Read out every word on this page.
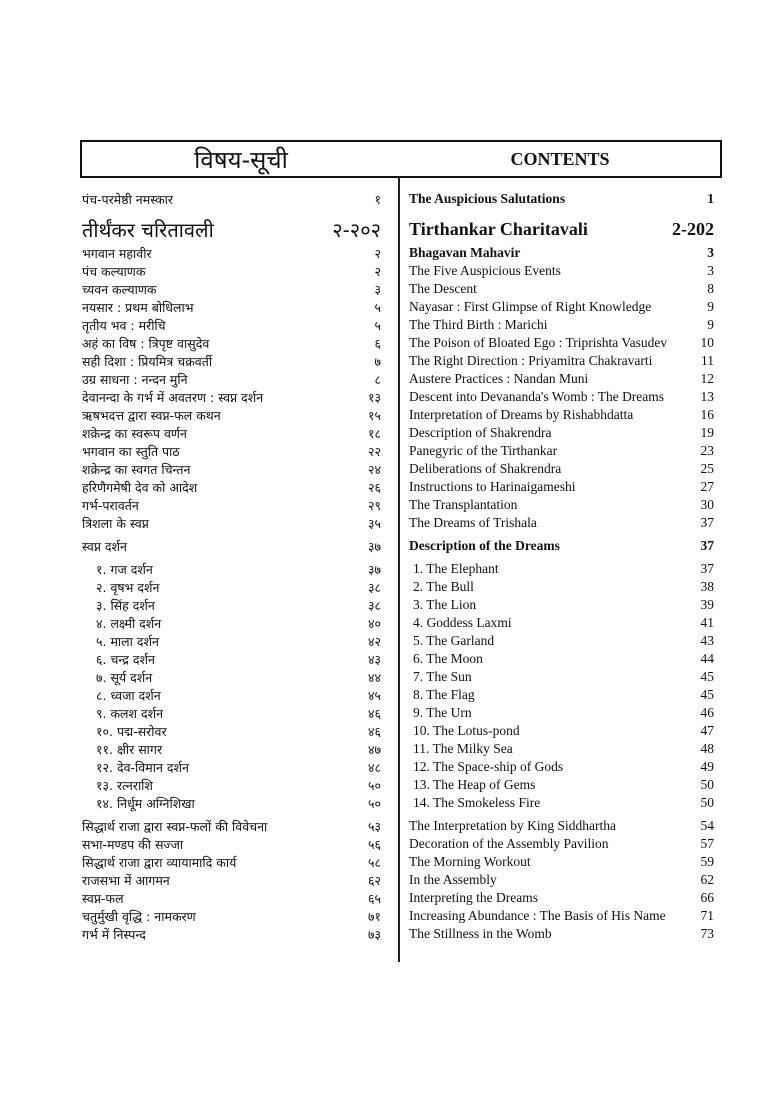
विषय-सूची	CONTENTS
पंच-परमेष्ठी नमस्कार	१ The Auspicious Salutations	1
तीर्थंकर चरितावली	२-२०२ Tirthankar Charitavali	2-202
भगवान महावीर	२ Bhagavan Mahavir	3
पंच कल्याणक	२ The Five Auspicious Events	3
च्यवन कल्याणक	३ The Descent	8
नयसार : प्रथम बोधिलाभ	५ Nayasar : First Glimpse of Right Knowledge	9
तृतीय भव : मरीचि	५ The Third Birth : Marichi	9
अहं का विष : त्रिपृष्ट वासुदेव	६ The Poison of Bloated Ego : Triprishta Vasudev 10
सही दिशा : प्रियमित्र चक्रवर्ती	७ The Right Direction : Priyamitra Chakravarti	11
उग्र साधना : नन्दन मुनि	८ Austere Practices : Nandan Muni	12
देवानन्दा के गर्भ में अवतरण : स्वप्न दर्शन	१३ Descent into Devananda's Womb : The Dreams	13
ऋषभदत्त द्वारा स्वप्न-फल कथन	१५ Interpretation of Dreams by Rishabhdatta	16
शक्रेन्द्र का स्वरूप वर्णन	१८ Description of Shakrendra	19
भगवान का स्तुति पाठ	२२ Panegyric of the Tirthankar	23
शक्रेन्द्र का स्वगत चिन्तन	२४ Deliberations of Shakrendra	25
हरिणैगमेषी देव को आदेश	२६ Instructions to Harinaigameshi	27
गर्भ-परावर्तन	२९ The Transplantation	30
त्रिशला के स्वप्न	३५ The Dreams of Trishala	37
स्वप्न दर्शन	३७ Description of the Dreams	37
१. गज दर्शन	३७ 1. The Elephant	37
२. वृषभ दर्शन	३८ 2. The Bull	38
३. सिंह दर्शन	३८ 3. The Lion	39
४. लक्ष्मी दर्शन	४० 4. Goddess Laxmi	41
५. माला दर्शन	४२ 5. The Garland	43
६. चन्द्र दर्शन	४३ 6. The Moon	44
७. सूर्य दर्शन	४४ 7. The Sun	45
८. ध्वजा दर्शन	४५ 8. The Flag	45
९. कलश दर्शन	४६ 9. The Urn	46
१०. पद्म-सरोवर	४६ 10. The Lotus-pond	47
११. क्षीर सागर	४७ 11. The Milky Sea	48
१२. देव-विमान दर्शन	४८ 12. The Space-ship of Gods	49
१३. रत्नराशि	५० 13. The Heap of Gems	50
१४. निर्धूम अग्निशिखा	५० 14. The Smokeless Fire	50
सिद्धार्थ राजा द्वारा स्वप्न-फलों की विवेचना	५३ The Interpretation by King Siddhartha	54
सभा-मण्डप की सज्जा	५६ Decoration of the Assembly Pavilion	57
सिद्धार्थ राजा द्वारा व्यायामादि कार्य	५८ The Morning Workout	59
राजसभा में आगमन	६२ In the Assembly	62
स्वप्न-फल	६५ Interpreting the Dreams	66
चतुर्मुखी वृद्धि : नामकरण	७१ Increasing Abundance : The Basis of His Name	71
गर्भ में निस्पन्द	७३ The Stillness in the Womb	73
